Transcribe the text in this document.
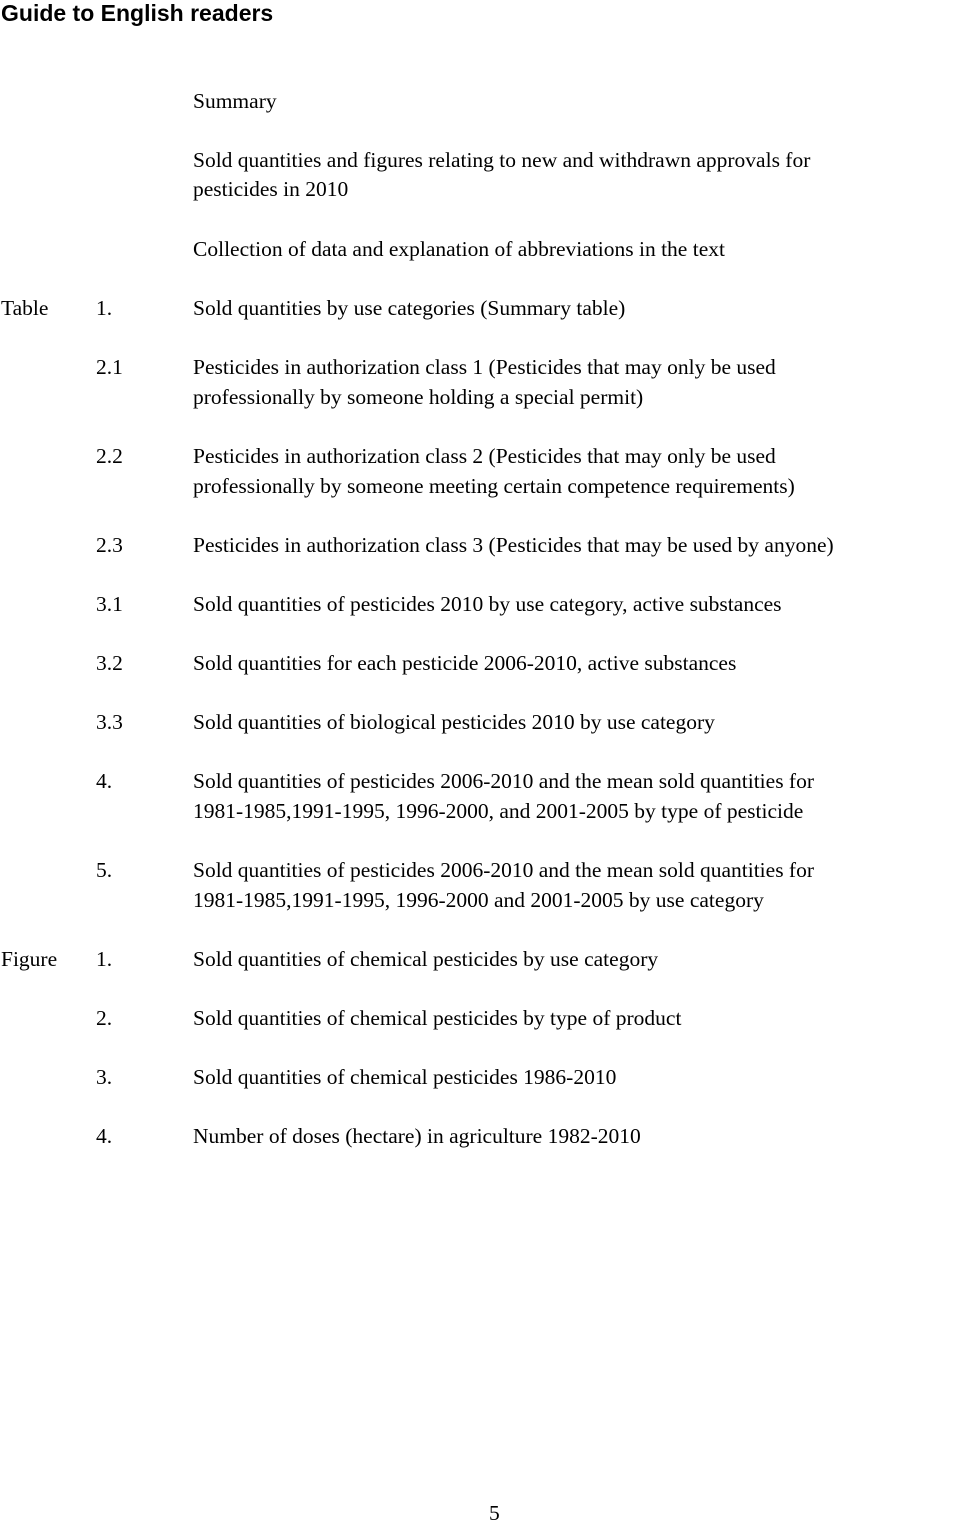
Guide to English readers
Summary
Sold quantities and figures relating to new and withdrawn approvals for
pesticides in 2010
Collection of data and explanation of abbreviations in the text
Table 1.	Sold quantities by use categories (Summary table)
2.1	Pesticides in authorization class 1 (Pesticides that may only be used
professionally by someone holding a special permit)
2.2	Pesticides in authorization class 2 (Pesticides that may only be used
professionally by someone meeting certain competence requirements)
2.3	Pesticides in authorization class 3 (Pesticides that may be used by anyone)
3.1	Sold quantities of pesticides 2010 by use category, active substances
3.2	Sold quantities for each pesticide 2006-2010, active substances
3.3	Sold quantities of biological pesticides 2010 by use category
4.	Sold quantities of pesticides 2006-2010 and the mean sold quantities for
1981-1985,1991-1995, 1996-2000, and 2001-2005 by type of pesticide
5.	Sold quantities of pesticides 2006-2010 and the mean sold quantities for
1981-1985,1991-1995, 1996-2000 and 2001-2005 by use category
Figure 1.	Sold quantities of chemical pesticides by use category
2.	Sold quantities of chemical pesticides by type of product
3.	Sold quantities of chemical pesticides 1986-2010
4.	Number of doses (hectare) in agriculture 1982-2010
5
